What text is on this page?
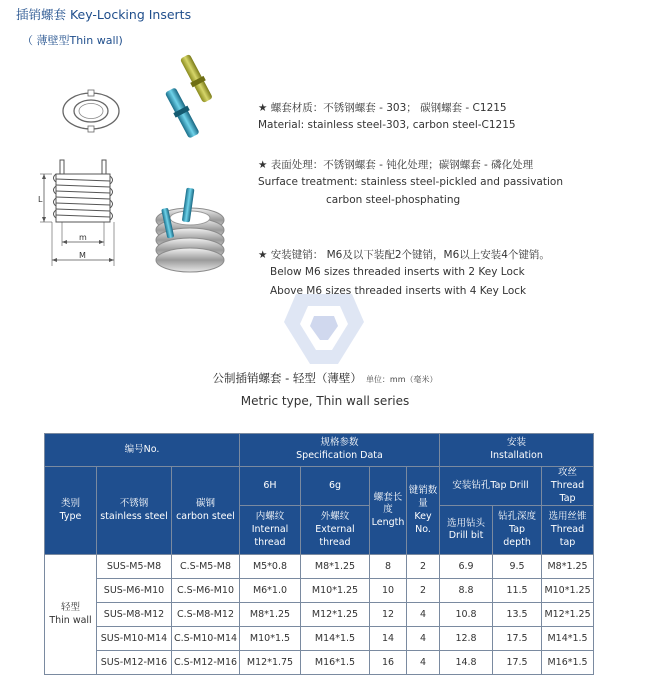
插销螺套 Key-Locking Inserts
（ 薄壁型Thin wall)
L
m
M
★ 螺套材质：不锈钢螺套 - 303； 碳钢螺套 - C1215
Material: stainless steel-303, carbon steel-C1215
★ 表面处理：不锈钢螺套 - 钝化处理；碳钢螺套 - 磷化处理
Surface treatment: stainless steel-pickled and passivation
carbon steel-phosphating
★ 安装键销： M6及以下装配2个键销，M6以上安装4个键销。
Below M6 sizes threaded inserts with 2 Key Lock
Above M6 sizes threaded inserts with 4 Key Lock
公制插销螺套 - 轻型（薄壁） 单位：mm（毫米）
Metric type, Thin wall series
编号No.			规格参数
Specification Data				安装
Installation		
类别
Type	不锈钢
stainless steel	碳钢
carbon steel	6H	6g	螺套长度
Length	键销数量
Key No.	安装钻孔Tap Drill		攻丝
Thread Tap
			内螺纹
Internal thread	外螺纹
External thread			选用钻头
Drill bit	钻孔深度
Tap depth	选用丝锥
Thread tap
轻型
Thin wall	SUS-M5-M8	C.S-M5-M8	M5*0.8	M8*1.25	8	2	6.9	9.5	M8*1.25
	SUS-M6-M10	C.S-M6-M10	M6*1.0	M10*1.25	10	2	8.8	11.5	M10*1.25
	SUS-M8-M12	C.S-M8-M12	M8*1.25	M12*1.25	12	4	10.8	13.5	M12*1.25
	SUS-M10-M14	C.S-M10-M14	M10*1.5	M14*1.5	14	4	12.8	17.5	M14*1.5
	SUS-M12-M16	C.S-M12-M16	M12*1.75	M16*1.5	16	4	14.8	17.5	M16*1.5
